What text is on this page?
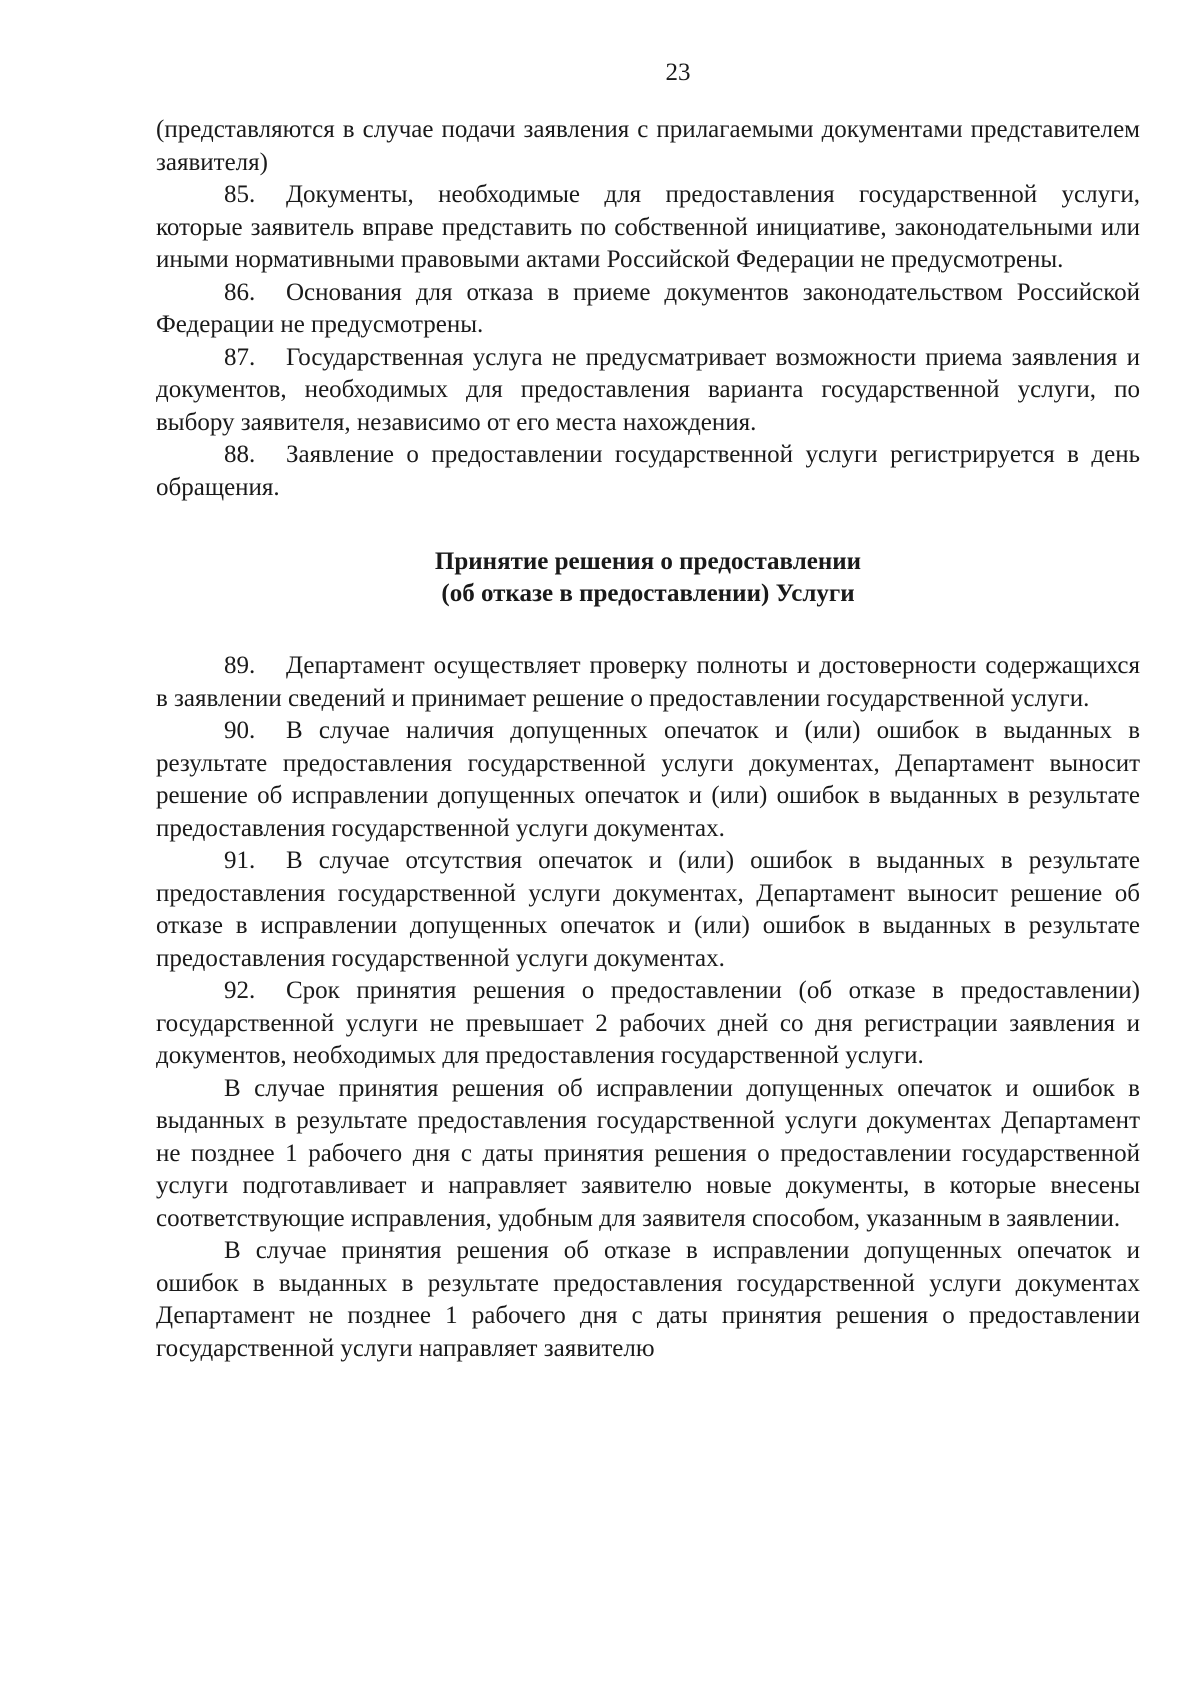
23

(представляются в случае подачи заявления с прилагаемыми документами представителем заявителя)

85. Документы, необходимые для предоставления государственной услуги, которые заявитель вправе представить по собственной инициативе, законодательными или иными нормативными правовыми актами Российской Федерации не предусмотрены.

86. Основания для отказа в приеме документов законодательством Российской Федерации не предусмотрены.

87. Государственная услуга не предусматривает возможности приема заявления и документов, необходимых для предоставления варианта государственной услуги, по выбору заявителя, независимо от его места нахождения.

88. Заявление о предоставлении государственной услуги регистрируется в день обращения.

Принятие решения о предоставлении
(об отказе в предоставлении) Услуги

89. Департамент осуществляет проверку полноты и достоверности содержащихся в заявлении сведений и принимает решение о предоставлении государственной услуги.

90. В случае наличия допущенных опечаток и (или) ошибок в выданных в результате предоставления государственной услуги документах, Департамент выносит решение об исправлении допущенных опечаток и (или) ошибок в выданных в результате предоставления государственной услуги документах.

91. В случае отсутствия опечаток и (или) ошибок в выданных в результате предоставления государственной услуги документах, Департамент выносит решение об отказе в исправлении допущенных опечаток и (или) ошибок в выданных в результате предоставления государственной услуги документах.

92. Срок принятия решения о предоставлении (об отказе в предоставлении) государственной услуги не превышает 2 рабочих дней со дня регистрации заявления и документов, необходимых для предоставления государственной услуги.

В случае принятия решения об исправлении допущенных опечаток и ошибок в выданных в результате предоставления государственной услуги документах Департамент не позднее 1 рабочего дня с даты принятия решения о предоставлении государственной услуги подготавливает и направляет заявителю новые документы, в которые внесены соответствующие исправления, удобным для заявителя способом, указанным в заявлении.

В случае принятия решения об отказе в исправлении допущенных опечаток и ошибок в выданных в результате предоставления государственной услуги документах Департамент не позднее 1 рабочего дня с даты принятия решения о предоставлении государственной услуги направляет заявителю
